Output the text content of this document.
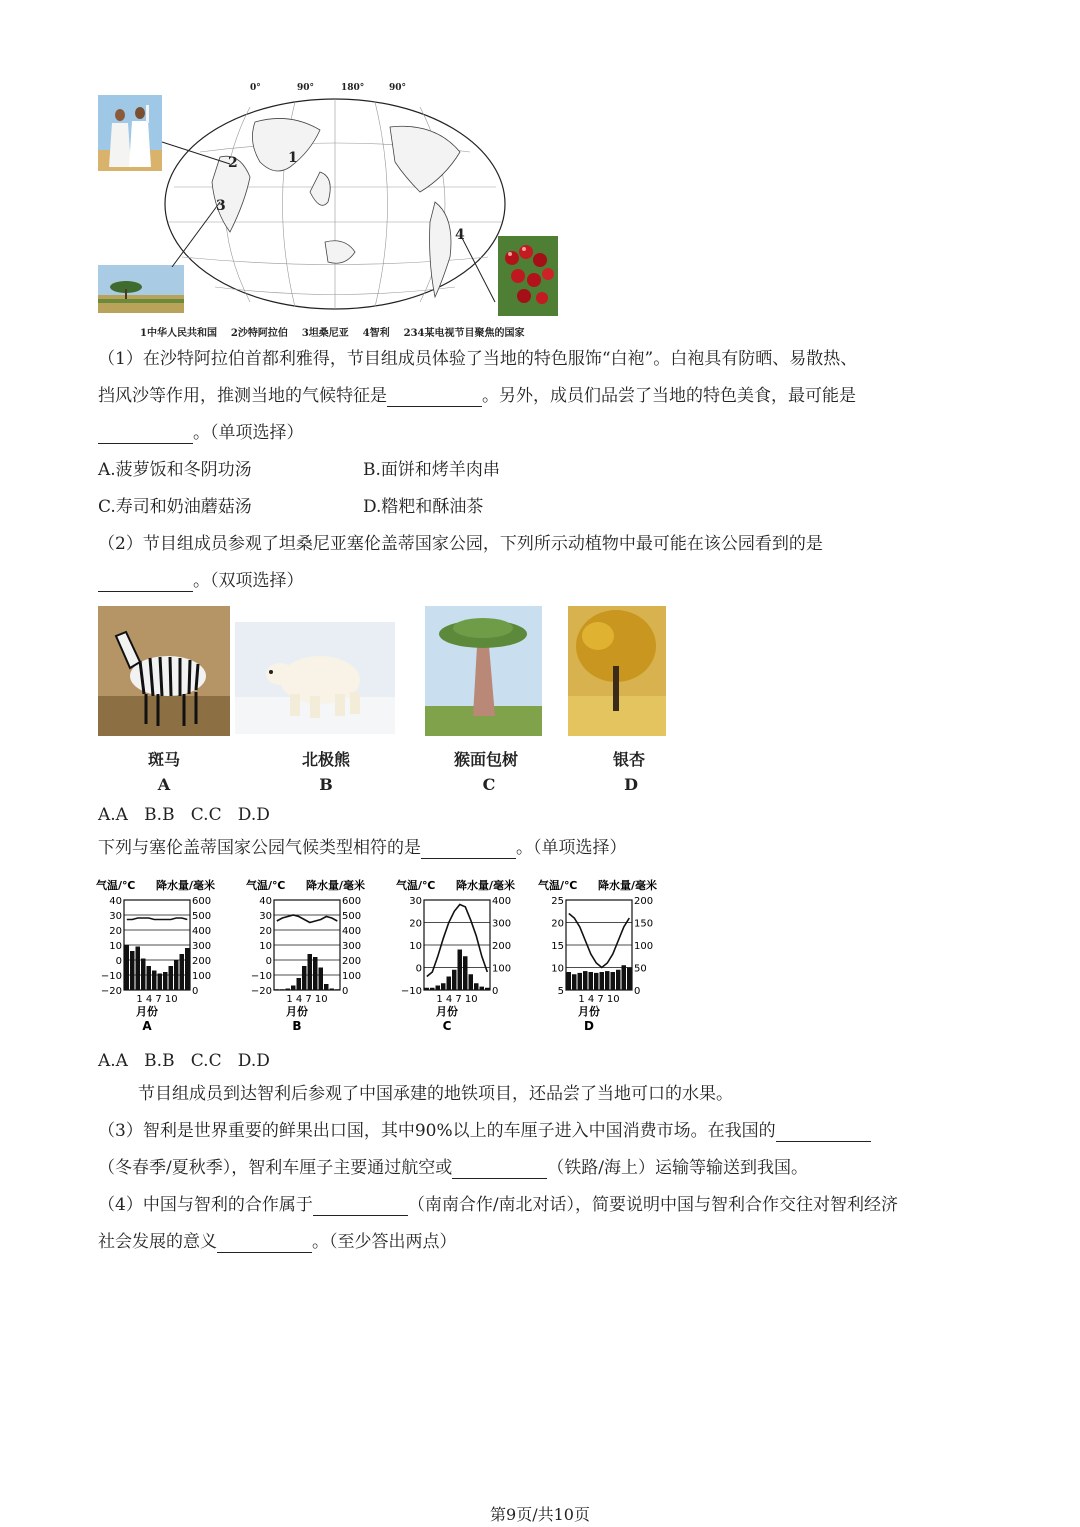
0°	90°	180°	90°
1
2
3
4
1中华人民共和国 2沙特阿拉伯 3坦桑尼亚 4智利 234某电视节目聚焦的国家
（1）在沙特阿拉伯首都利雅得，节目组成员体验了当地的特色服饰“白袍”。白袍具有防晒、易散热、
挡风沙等作用，推测当地的气候特征是	。另外，成员们品尝了当地的特色美食，最可能是
。（单项选择）
A.菠萝饭和冬阴功汤	B.面饼和烤羊肉串
C.寿司和奶油蘑菇汤	D.糌粑和酥油茶
（2）节目组成员参观了坦桑尼亚塞伦盖蒂国家公园，下列所示动植物中最可能在该公园看到的是
。（双项选择）
斑马	北极熊	猴面包树	银杏
A	B	C	D
A.A   B.B   C.C   D.D
下列与塞伦盖蒂国家公园气候类型相符的是	。（单项选择）
气温/℃ 降水量/毫米
40
30
20
10
0
−10
−20
600
500
400
300
200
100
0
1 4 7 10
月份
A
气温/℃ 降水量/毫米
40
30
20
10
0
−10
−20
600
500
400
300
200
100
0
1 4 7 10
月份
B
气温/℃ 降水量/毫米
30
20
10
0
−10
400
300
200
100
0
1 4 7 10
月份
C
气温/℃ 降水量/毫米
25
20
15
10
5
200
150
100
50
0
1 4 7 10
月份
D
A.A   B.B   C.C   D.D
节目组成员到达智利后参观了中国承建的地铁项目，还品尝了当地可口的水果。
（3）智利是世界重要的鲜果出口国，其中90%以上的车厘子进入中国消费市场。在我国的
（冬春季/夏秋季），智利车厘子主要通过航空或	（铁路/海上）运输等输送到我国。
（4）中国与智利的合作属于	（南南合作/南北对话），简要说明中国与智利合作交往对智利经济
社会发展的意义	。（至少答出两点）
第9页/共10页
